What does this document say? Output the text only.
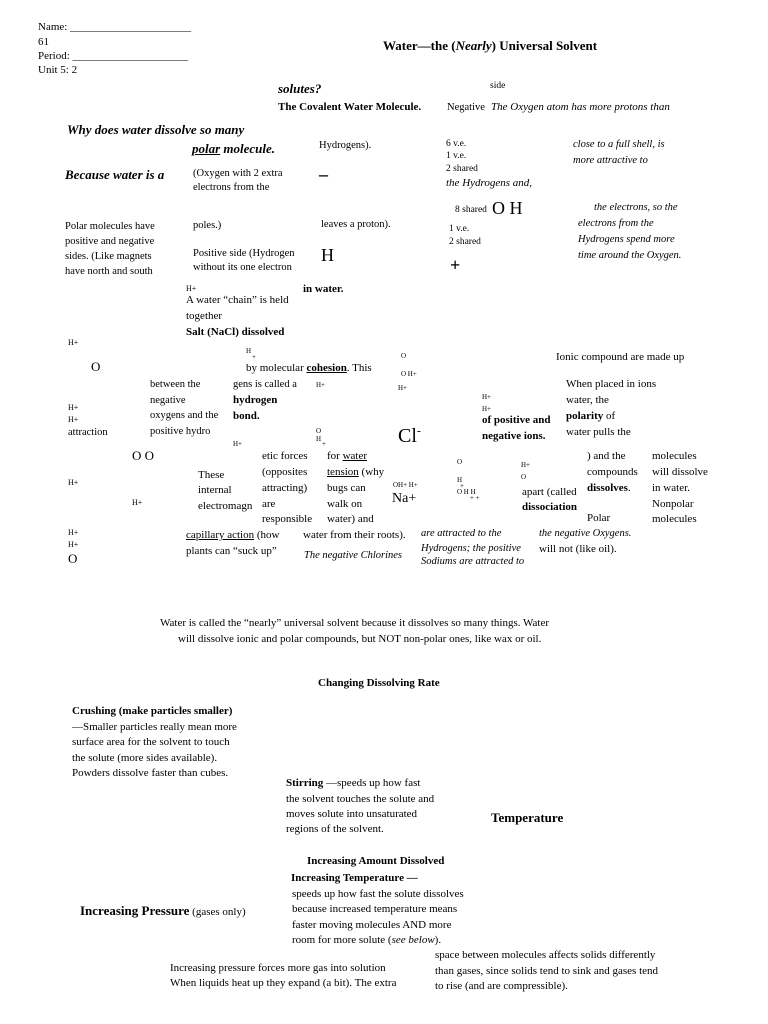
Name: ______________________
61
Period: _____________________
Unit 5: 2
Water—the (Nearly) Universal Solvent
solutes?	side
The Covalent Water Molecule. Negative The Oxygen atom has more protons than
Why does water dissolve so many
polar molecule.	Hydrogens).	6 v.e.
1 v.e.
2 shared
the Hydrogens and,
close to a full shell, is
more attractive to
Because water is a	(Oxygen with 2 extra
electrons from the
–
8 shared O H	the electrons, so the
electrons from the
Hydrogens spend more
time around the Oxygen.
Polar molecules have
positive and negative
sides. (Like magnets
have north and south
poles.)	leaves a proton).	1 v.e.
2 shared
Positive side (Hydrogen
without its one electron
H	+
H+
A water “chain” is held
together
in water.
Salt (NaCl) dissolved
H+
O
H
+
by molecular cohesion. This
O
O H+
H+	H+
Ionic compound are made up
between the
negative
oxygens and the
positive hydro
gens is called a
hydrogen
bond.
When placed in ions
water, the
polarity of
water pulls the
H+
H+
attraction
H+
H+
of positive and
negative ions.
O
H
+
H+	Cl-
O O	etic forces
(opposites
attracting)
are
responsible
These
internal
electromagn
for water
tension (why
bugs can
walk on
water) and
) and the
compounds
dissolves.
molecules
will dissolve
in water.
Nonpolar
molecules
O	H+
O
H
+
O H H
+ +
OH+ H+
Na+	apart (called
dissociation
Polar
H+
H+
H+
H+
O
capillary action (how
plants can “suck up”
water from their roots).
The negative Chlorines
are attracted to the
Hydrogens; the positive
Sodiums are attracted to
the negative Oxygens.
will not (like oil).
Water is called the “nearly” universal solvent because it dissolves so many things. Water
will dissolve ionic and polar compounds, but NOT non-polar ones, like wax or oil.
Changing Dissolving Rate
Crushing (make particles smaller)
—Smaller particles really mean more
surface area for the solvent to touch
the solute (more sides available).
Powders dissolve faster than cubes.
Stirring —speeds up how fast
the solvent touches the solute and
moves solute into unsaturated
regions of the solvent.
Temperature
Increasing Amount Dissolved
Increasing Temperature —
speeds up how fast the solute dissolves
because increased temperature means
faster moving molecules AND more
room for more solute (see below).
Increasing Pressure (gases only)
space between molecules affects solids differently
than gases, since solids tend to sink and gases tend
to rise (and are compressible).
Increasing pressure forces more gas into solution
When liquids heat up they expand (a bit). The extra
